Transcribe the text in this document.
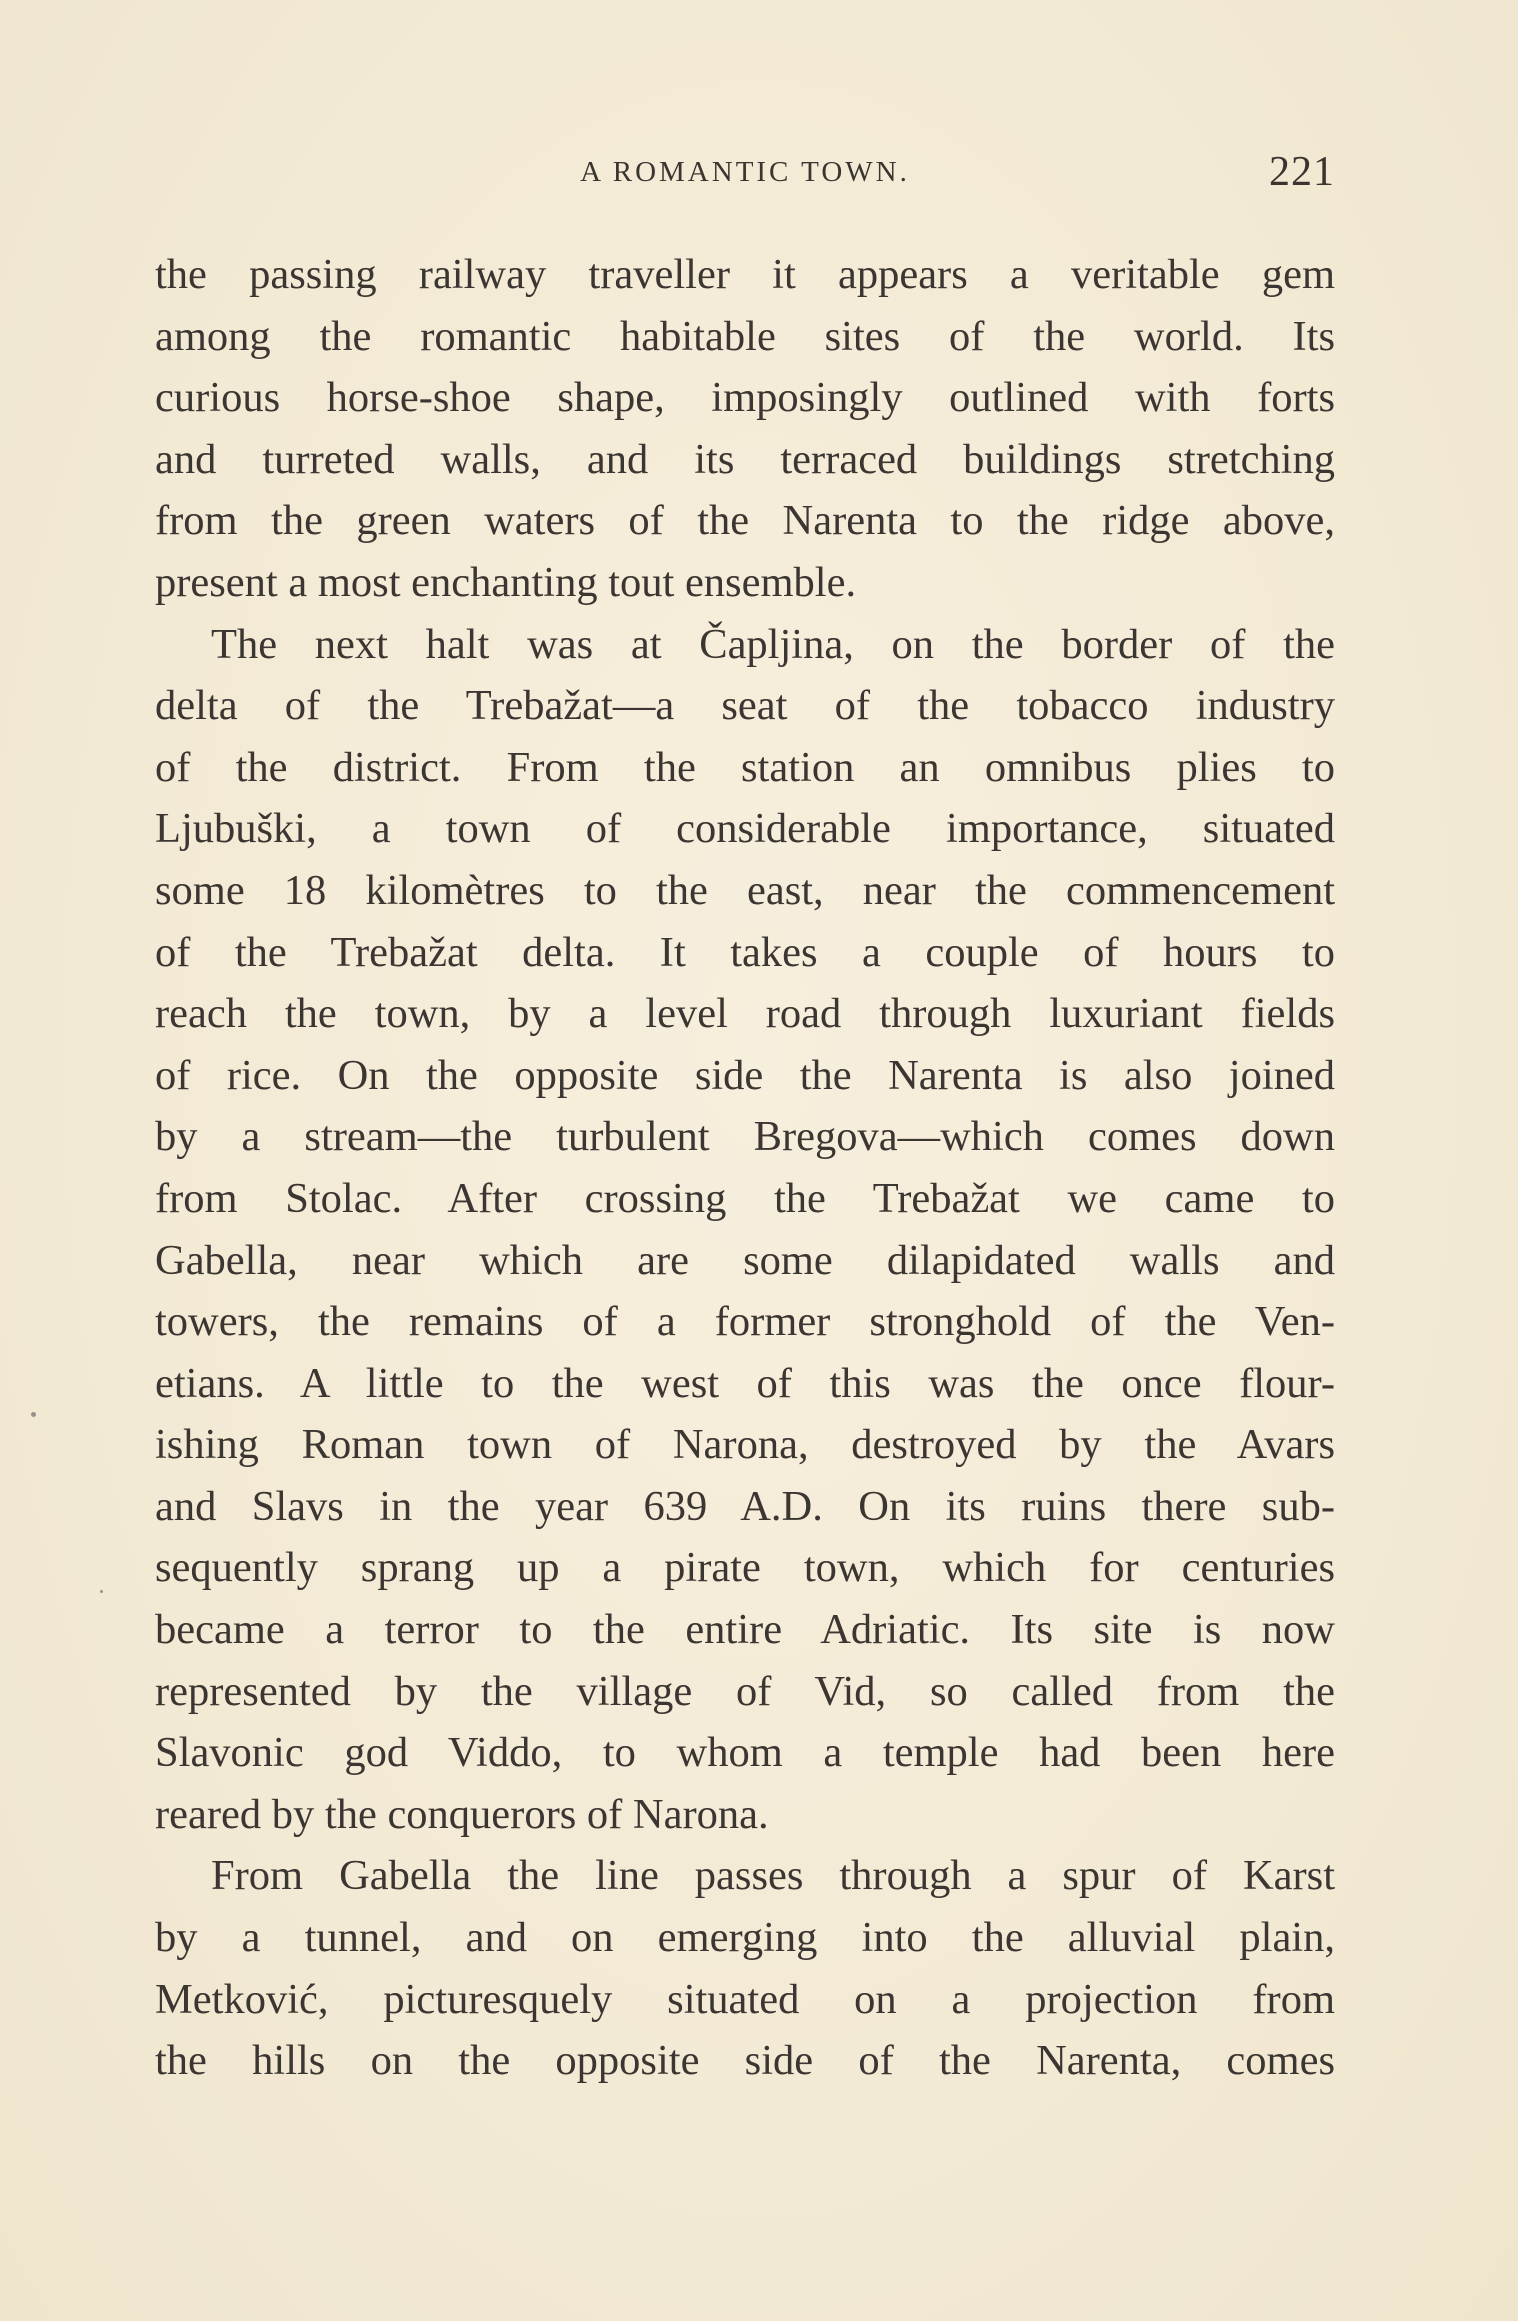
A ROMANTIC TOWN.	221
the passing railway traveller it appears a veritable gem
among the romantic habitable sites of the world. Its
curious horse-shoe shape, imposingly outlined with forts
and turreted walls, and its terraced buildings stretching
from the green waters of the Narenta to the ridge above,
present a most enchanting tout ensemble.
The next halt was at Čapljina, on the border of the
delta of the Trebažat—a seat of the tobacco industry
of the district. From the station an omnibus plies to
Ljubuški, a town of considerable importance, situated
some 18 kilomètres to the east, near the commencement
of the Trebažat delta. It takes a couple of hours to
reach the town, by a level road through luxuriant fields
of rice. On the opposite side the Narenta is also joined
by a stream—the turbulent Bregova—which comes down
from Stolac. After crossing the Trebažat we came to
Gabella, near which are some dilapidated walls and
towers, the remains of a former stronghold of the Ven-
etians. A little to the west of this was the once flour-
ishing Roman town of Narona, destroyed by the Avars
and Slavs in the year 639 A.D. On its ruins there sub-
sequently sprang up a pirate town, which for centuries
became a terror to the entire Adriatic. Its site is now
represented by the village of Vid, so called from the
Slavonic god Viddo, to whom a temple had been here
reared by the conquerors of Narona.
From Gabella the line passes through a spur of Karst
by a tunnel, and on emerging into the alluvial plain,
Metković, picturesquely situated on a projection from
the hills on the opposite side of the Narenta, comes
